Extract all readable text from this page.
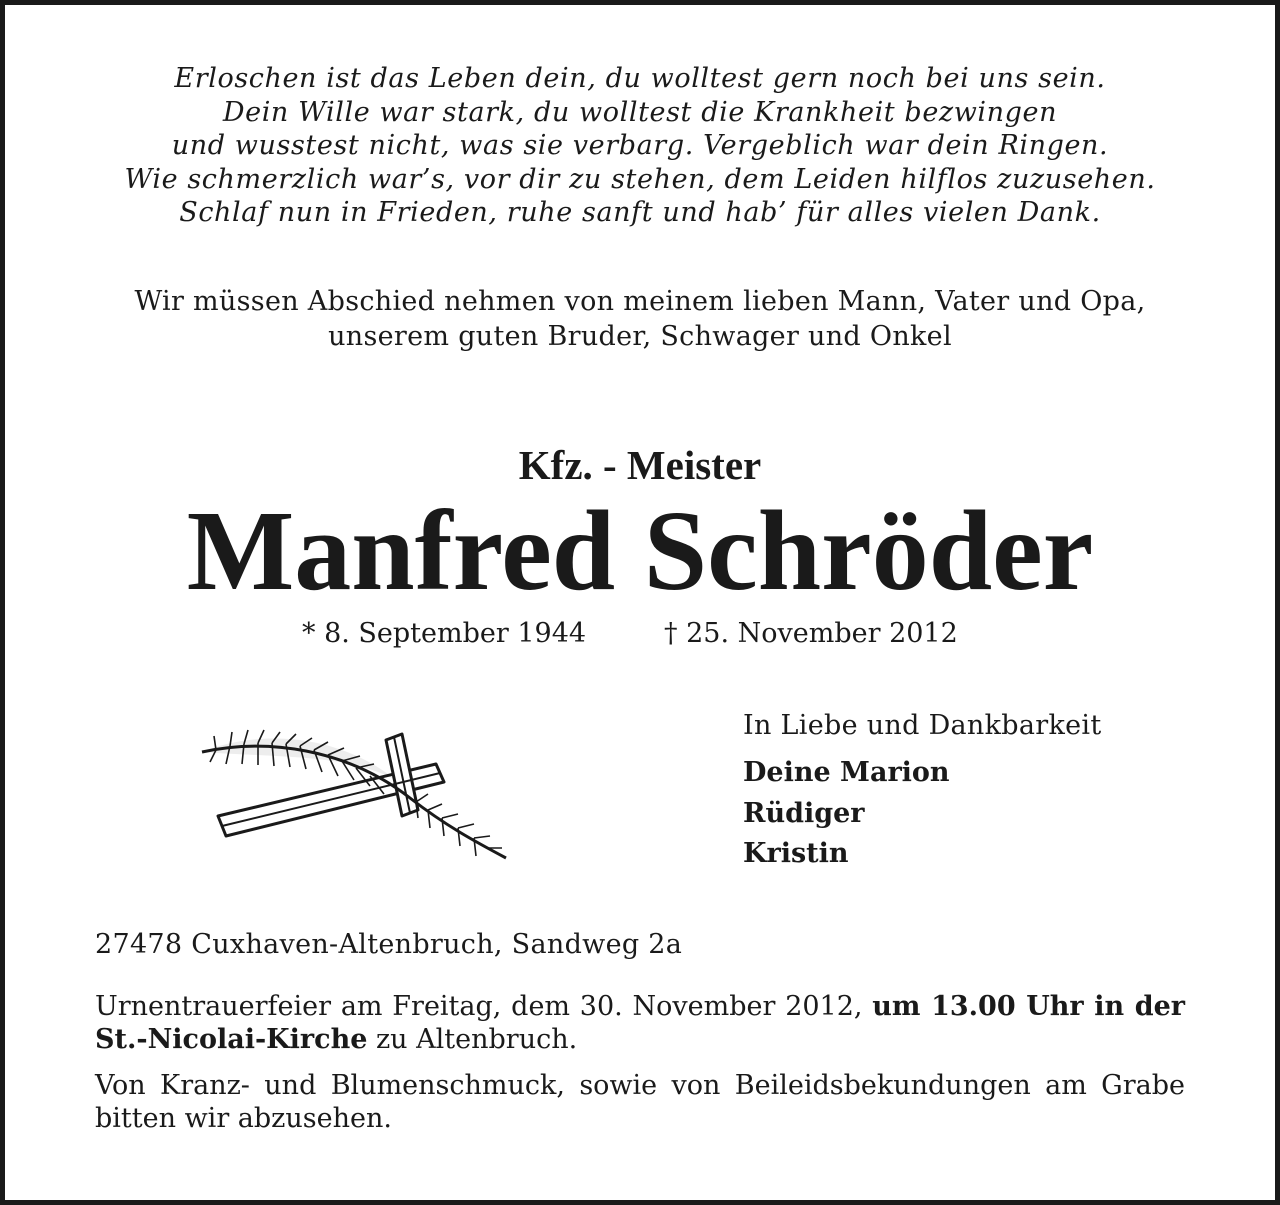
Erloschen ist das Leben dein, du wolltest gern noch bei uns sein.
Dein Wille war stark, du wolltest die Krankheit bezwingen
und wusstest nicht, was sie verbarg. Vergeblich war dein Ringen.
Wie schmerzlich war’s, vor dir zu stehen, dem Leiden hilflos zuzusehen.
Schlaf nun in Frieden, ruhe sanft und hab’ für alles vielen Dank.
Wir müssen Abschied nehmen von meinem lieben Mann, Vater und Opa,
unserem guten Bruder, Schwager und Onkel
Kfz. - Meister
Manfred Schröder
* 8. September 1944	† 25. November 2012
In Liebe und Dankbarkeit
Deine Marion
Rüdiger
Kristin
27478 Cuxhaven-Altenbruch, Sandweg 2a
Urnentrauerfeier am Freitag, dem 30. November 2012, um 13.00 Uhr in der St.-Nicolai-Kirche zu Altenbruch.
Von Kranz- und Blumenschmuck, sowie von Beileidsbekundungen am Grabe bitten wir abzusehen.
